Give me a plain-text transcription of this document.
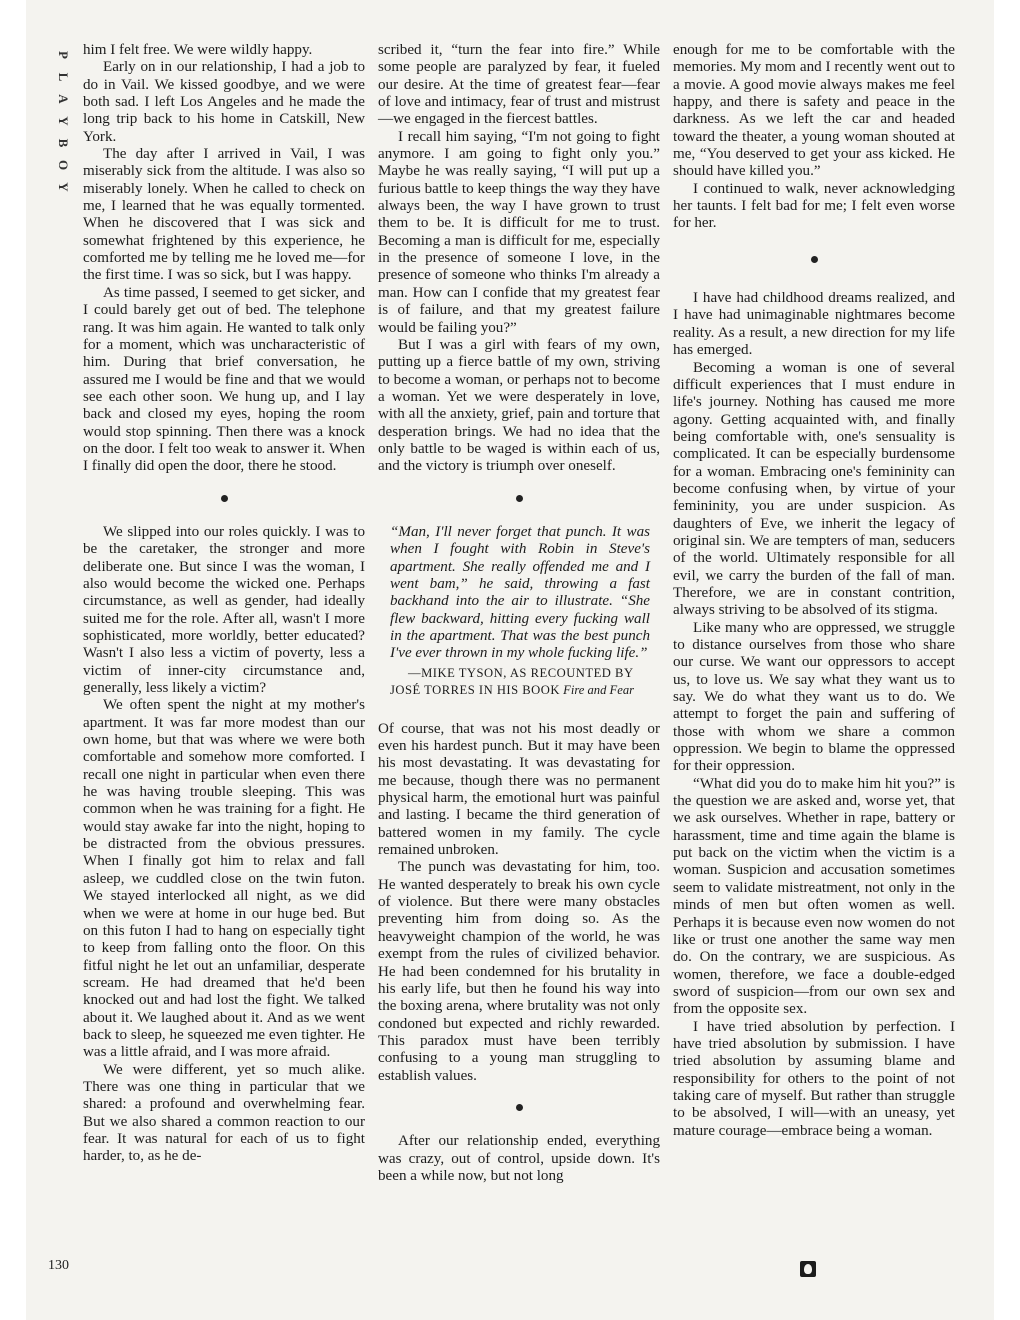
P
L
A
Y
B
O
Y

him I felt free. We were wildly happy.

Early on in our relationship, I had a job to do in Vail. We kissed goodbye, and we were both sad. I left Los Angeles and he made the long trip back to his home in Catskill, New York.

The day after I arrived in Vail, I was miserably sick from the altitude. I was also so miserably lonely. When he called to check on me, I learned that he was equally tormented. When he discovered that I was sick and somewhat frightened by this experience, he comforted me by telling me he loved me—for the first time. I was so sick, but I was happy.

As time passed, I seemed to get sicker, and I could barely get out of bed. The telephone rang. It was him again. He wanted to talk only for a moment, which was uncharacteristic of him. During that brief conversation, he assured me I would be fine and that we would see each other soon. We hung up, and I lay back and closed my eyes, hoping the room would stop spinning. Then there was a knock on the door. I felt too weak to answer it. When I finally did open the door, there he stood.

We slipped into our roles quickly. I was to be the caretaker, the stronger and more deliberate one. But since I was the woman, I also would become the wicked one. Perhaps circumstance, as well as gender, had ideally suited me for the role. After all, wasn't I more sophisticated, more worldly, better educated? Wasn't I also less a victim of poverty, less a victim of inner-city circumstance and, generally, less likely a victim?

We often spent the night at my mother's apartment. It was far more modest than our own home, but that was where we were both comfortable and somehow more comforted. I recall one night in particular when even there he was having trouble sleeping. This was common when he was training for a fight. He would stay awake far into the night, hoping to be distracted from the obvious pressures. When I finally got him to relax and fall asleep, we cuddled close on the twin futon. We stayed interlocked all night, as we did when we were at home in our huge bed. But on this futon I had to hang on especially tight to keep from falling onto the floor. On this fitful night he let out an unfamiliar, desperate scream. He had dreamed that he'd been knocked out and had lost the fight. We talked about it. We laughed about it. And as we went back to sleep, he squeezed me even tighter. He was a little afraid, and I was more afraid.

We were different, yet so much alike. There was one thing in particular that we shared: a profound and overwhelming fear. But we also shared a common reaction to our fear. It was natural for each of us to fight harder, to, as he de-

scribed it, “turn the fear into fire.” While some people are paralyzed by fear, it fueled our desire. At the time of greatest fear—fear of love and intimacy, fear of trust and mistrust—we engaged in the fiercest battles.

I recall him saying, “I'm not going to fight anymore. I am going to fight only you.” Maybe he was really saying, “I will put up a furious battle to keep things the way they have always been, the way I have grown to trust them to be. It is difficult for me to trust. Becoming a man is difficult for me, especially in the presence of someone I love, in the presence of someone who thinks I'm already a man. How can I confide that my greatest fear is of failure, and that my greatest failure would be failing you?”

But I was a girl with fears of my own, putting up a fierce battle of my own, striving to become a woman, or perhaps not to become a woman. Yet we were desperately in love, with all the anxiety, grief, pain and torture that desperation brings. We had no idea that the only battle to be waged is within each of us, and the victory is triumph over oneself.

“Man, I'll never forget that punch. It was when I fought with Robin in Steve's apartment. She really offended me and I went bam,” he said, throwing a fast backhand into the air to illustrate. “She flew backward, hitting every fucking wall in the apartment. That was the best punch I've ever thrown in my whole fucking life.”

—MIKE TYSON, AS RECOUNTED BY
JOSÉ TORRES IN HIS BOOK Fire and Fear

Of course, that was not his most deadly or even his hardest punch. But it may have been his most devastating. It was devastating for me because, though there was no permanent physical harm, the emotional hurt was painful and lasting. I became the third generation of battered women in my family. The cycle remained unbroken.

The punch was devastating for him, too. He wanted desperately to break his own cycle of violence. But there were many obstacles preventing him from doing so. As the heavyweight champion of the world, he was exempt from the rules of civilized behavior. He had been condemned for his brutality in his early life, but then he found his way into the boxing arena, where brutality was not only condoned but expected and richly rewarded. This paradox must have been terribly confusing to a young man struggling to establish values.

After our relationship ended, everything was crazy, out of control, upside down. It's been a while now, but not long

enough for me to be comfortable with the memories. My mom and I recently went out to a movie. A good movie always makes me feel happy, and there is safety and peace in the darkness. As we left the car and headed toward the theater, a young woman shouted at me, “You deserved to get your ass kicked. He should have killed you.”

I continued to walk, never acknowledging her taunts. I felt bad for me; I felt even worse for her.

I have had childhood dreams realized, and I have had unimaginable nightmares become reality. As a result, a new direction for my life has emerged.

Becoming a woman is one of several difficult experiences that I must endure in life's journey. Nothing has caused me more agony. Getting acquainted with, and finally being comfortable with, one's sensuality is complicated. It can be especially burdensome for a woman. Embracing one's femininity can become confusing when, by virtue of your femininity, you are under suspicion. As daughters of Eve, we inherit the legacy of original sin. We are tempters of man, seducers of the world. Ultimately responsible for all evil, we carry the burden of the fall of man. Therefore, we are in constant contrition, always striving to be absolved of its stigma.

Like many who are oppressed, we struggle to distance ourselves from those who share our curse. We want our oppressors to accept us, to love us. We say what they want us to say. We do what they want us to do. We attempt to forget the pain and suffering of those with whom we share a common oppression. We begin to blame the oppressed for their oppression.

“What did you do to make him hit you?” is the question we are asked and, worse yet, that we ask ourselves. Whether in rape, battery or harassment, time and time again the blame is put back on the victim when the victim is a woman. Suspicion and accusation sometimes seem to validate mistreatment, not only in the minds of men but often women as well. Perhaps it is because even now women do not like or trust one another the same way men do. On the contrary, we are suspicious. As women, therefore, we face a double-edged sword of suspicion—from our own sex and from the opposite sex.

I have tried absolution by perfection. I have tried absolution by submission. I have tried absolution by assuming blame and responsibility for others to the point of not taking care of myself. But rather than struggle to be absolved, I will—with an uneasy, yet mature courage—embrace being a woman.

130
